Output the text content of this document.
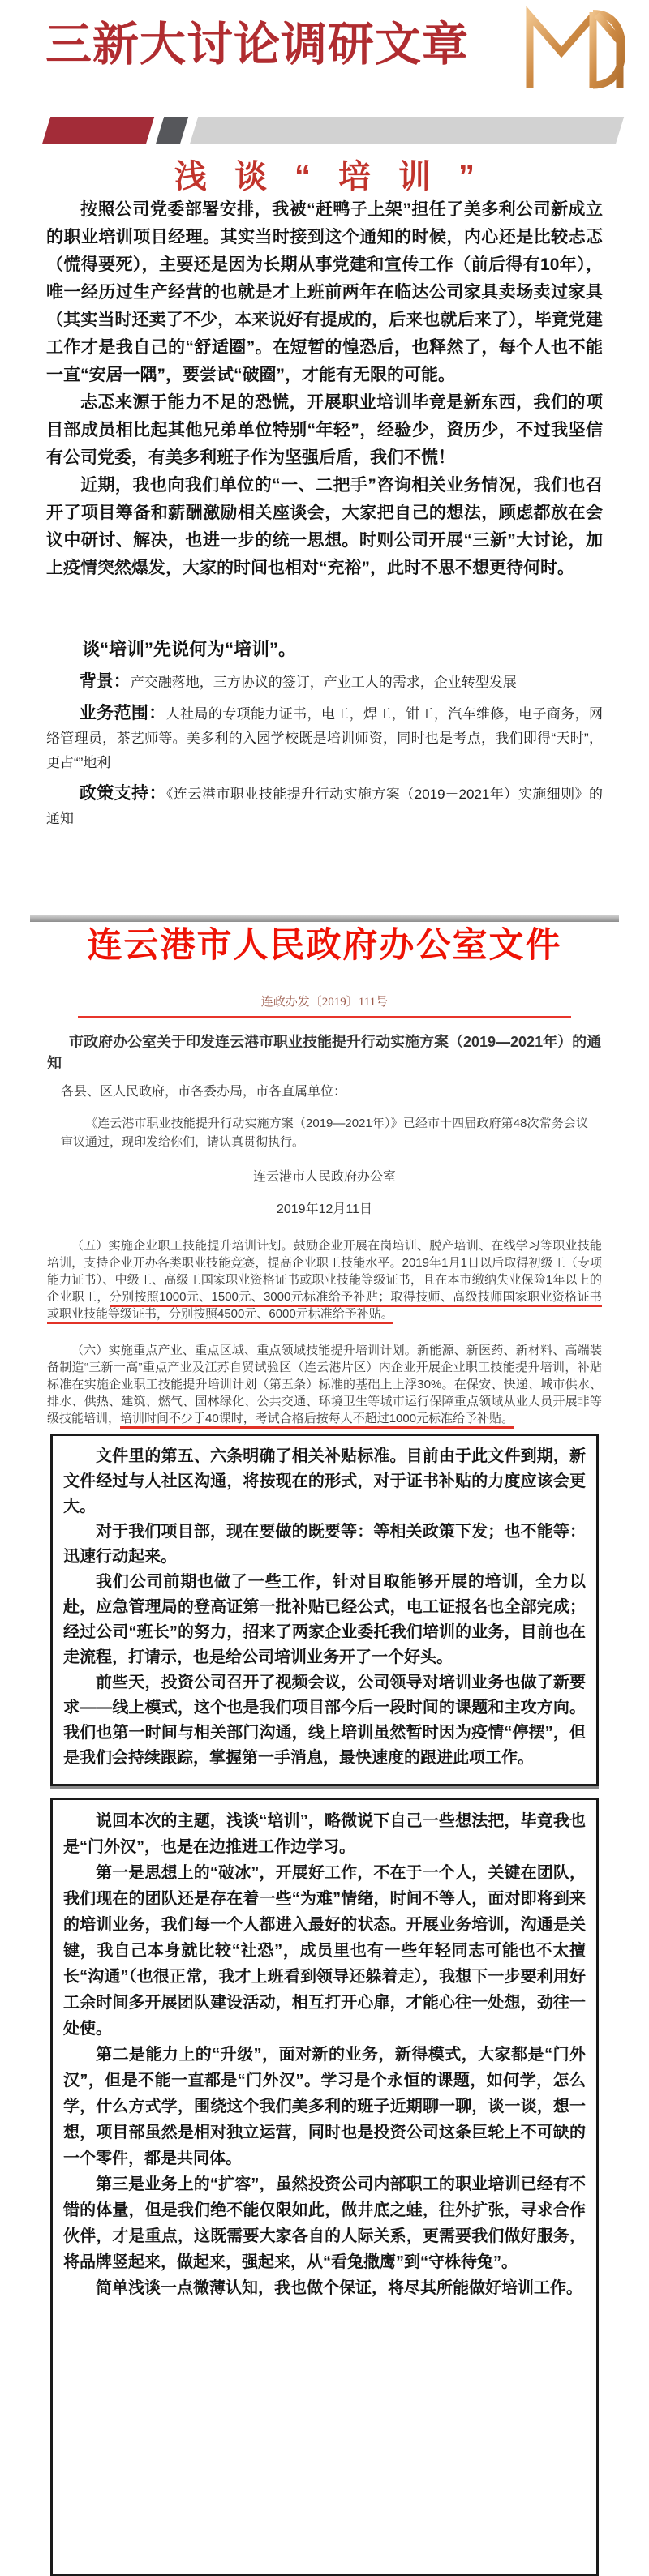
三新大讨论调研文章
浅谈“培训”

按照公司党委部署安排，我被“赶鸭子上架”担任了美多利公司新成立的职业培训项目经理。其实当时接到这个通知的时候，内心还是比较忐忑（慌得要死），主要还是因为长期从事党建和宣传工作（前后得有10年），唯一经历过生产经营的也就是才上班前两年在临达公司家具卖场卖过家具（其实当时还卖了不少，本来说好有提成的，后来也就后来了），毕竟党建工作才是我自己的“舒适圈”。在短暂的惶恐后，也释然了，每个人也不能一直“安居一隅”，要尝试“破圈”，才能有无限的可能。

忐忑来源于能力不足的恐慌，开展职业培训毕竟是新东西，我们的项目部成员相比起其他兄弟单位特别“年轻”，经验少，资历少，不过我坚信有公司党委，有美多利班子作为坚强后盾，我们不慌！

近期，我也向我们单位的“一、二把手”咨询相关业务情况，我们也召开了项目筹备和薪酬激励相关座谈会，大家把自己的想法，顾虑都放在会议中研讨、解决，也进一步的统一思想。时则公司开展“三新”大讨论，加上疫情突然爆发，大家的时间也相对“充裕”，此时不思不想更待何时。

谈“培训”先说何为“培训”。

背景：产交融落地，三方协议的签订，产业工人的需求，企业转型发展

业务范围：人社局的专项能力证书，电工，焊工，钳工，汽车维修，电子商务，网络管理员，茶艺师等。美多利的入园学校既是培训师资，同时也是考点，我们即得“天时”，更占“”地利

政策支持：《连云港市职业技能提升行动实施方案（2019－2021年）实施细则》的通知

连云港市人民政府办公室文件
连政办发〔2019〕111号
市政府办公室关于印发连云港市职业技能提升行动实施方案（2019—2021年）的通知
各县、区人民政府，市各委办局，市各直属单位：
《连云港市职业技能提升行动实施方案（2019—2021年）》已经市十四届政府第48次常务会议审议通过，现印发给你们，请认真贯彻执行。
连云港市人民政府办公室
2019年12月11日

（五）实施企业职工技能提升培训计划。鼓励企业开展在岗培训、脱产培训、在线学习等职业技能培训，支持企业开办各类职业技能竞赛，提高企业职工技能水平。2019年1月1日以后取得初级工（专项能力证书）、中级工、高级工国家职业资格证书或职业技能等级证书，且在本市缴纳失业保险1年以上的企业职工，分别按照1000元、1500元、3000元标准给予补贴；取得技师、高级技师国家职业资格证书或职业技能等级证书，分别按照4500元、6000元标准给予补贴。

（六）实施重点产业、重点区域、重点领域技能提升培训计划。新能源、新医药、新材料、高端装备制造“三新一高”重点产业及江苏自贸试验区（连云港片区）内企业开展企业职工技能提升培训，补贴标准在实施企业职工技能提升培训计划（第五条）标准的基础上上浮30%。在保安、快递、城市供水、排水、供热、建筑、燃气、园林绿化、公共交通、环境卫生等城市运行保障重点领域从业人员开展非等级技能培训，培训时间不少于40课时，考试合格后按每人不超过1000元标准给予补贴。

文件里的第五、六条明确了相关补贴标准。目前由于此文件到期，新文件经过与人社区沟通，将按现在的形式，对于证书补贴的力度应该会更大。

对于我们项目部，现在要做的既要等：等相关政策下发；也不能等：迅速行动起来。

我们公司前期也做了一些工作，针对目取能够开展的培训，全力以赴，应急管理局的登高证第一批补贴已经公式，电工证报名也全部完成；经过公司“班长”的努力，招来了两家企业委托我们培训的业务，目前也在走流程，打请示，也是给公司培训业务开了一个好头。

前些天，投资公司召开了视频会议，公司领导对培训业务也做了新要求——线上模式，这个也是我们项目部今后一段时间的课题和主攻方向。我们也第一时间与相关部门沟通，线上培训虽然暂时因为疫情“停摆”，但是我们会持续跟踪，掌握第一手消息，最快速度的跟进此项工作。

说回本次的主题，浅谈“培训”，略微说下自己一些想法把，毕竟我也是“门外汉”，也是在边推进工作边学习。

第一是思想上的“破冰”，开展好工作，不在于一个人，关键在团队，我们现在的团队还是存在着一些“为难”情绪，时间不等人，面对即将到来的培训业务，我们每一个人都进入最好的状态。开展业务培训，沟通是关键，我自己本身就比较“社恐”，成员里也有一些年轻同志可能也不太擅长“沟通”（也很正常，我才上班看到领导还躲着走），我想下一步要利用好工余时间多开展团队建设活动，相互打开心扉，才能心往一处想，劲往一处使。

第二是能力上的“升级”，面对新的业务，新得模式，大家都是“门外汉”，但是不能一直都是“门外汉”。学习是个永恒的课题，如何学，怎么学，什么方式学，围绕这个我们美多利的班子近期聊一聊，谈一谈，想一想，项目部虽然是相对独立运营，同时也是投资公司这条巨轮上不可缺的一个零件，都是共同体。

第三是业务上的“扩容”，虽然投资公司内部职工的职业培训已经有不错的体量，但是我们绝不能仅限如此，做井底之蛙，往外扩张，寻求合作伙伴，才是重点，这既需要大家各自的人际关系，更需要我们做好服务，将品牌竖起来，做起来，强起来，从“看兔撒鹰”到“守株待兔”。

简单浅谈一点微薄认知，我也做个保证，将尽其所能做好培训工作。
